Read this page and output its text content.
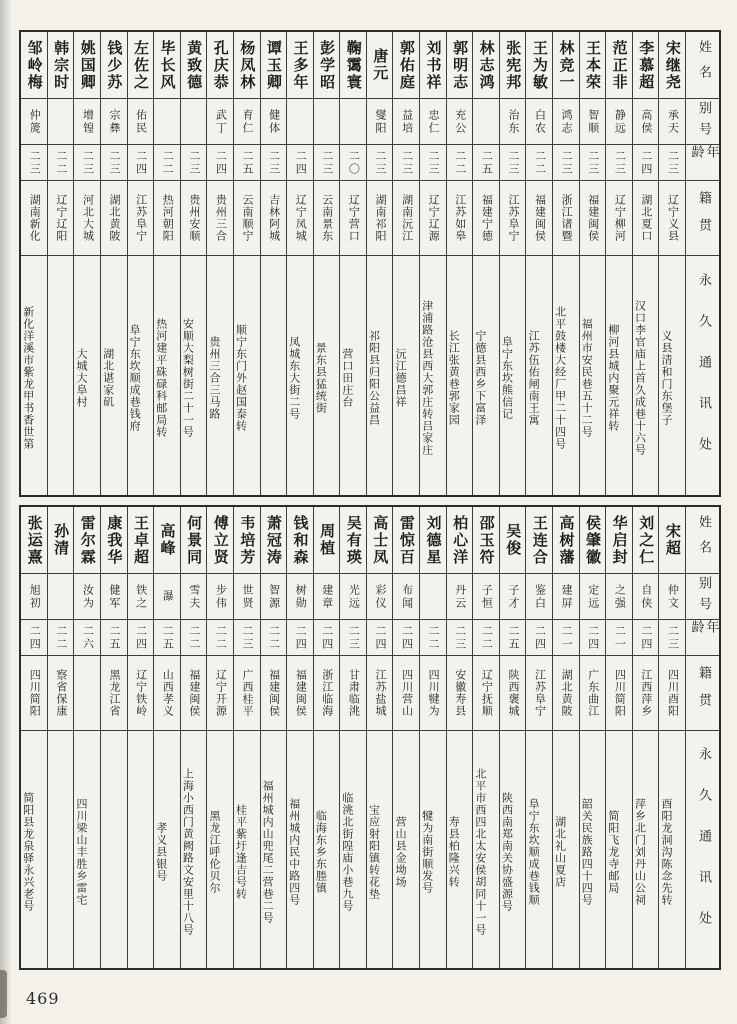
姓名
别号
年龄
籍贯
永久通讯处
宋继尧
承天
二三
辽宁义县
义县清和门东堡子
李慕超
高侯
二四
湖北夏口
汉口李官庙上首久成巷十六号
范正非
静远
二三
辽宁柳河
柳河县城内聚元祥转
王本荣
智顺
二三
福建闽侯
福州市安民巷五十二号
林竞一
鸿志
二三
浙江诸暨
北平鼓楼大经厂甲二十四号
王为敏
白农
二二
福建闽侯
江苏伍佑闸南王寓
张宪邦
治东
二三
江苏阜宁
阜宁东坎熊信记
林志鸿
二五
福建宁德
宁德县西乡下富泽
郭明志
充公
二二
江苏如皋
长江张黄巷郭家园
刘书祥
忠仁
二三
辽宁辽源
津浦路沧县西大郭庄转吕家庄
郭佑庭
益培
二三
湖南沅江
沅江德昌祥
唐元
燮阳
二三
湖南祁阳
祁阳县归阳公益昌
鞠霭寰
二〇
辽宁营口
营口田庄台
彭学昭
二三
云南景东
景东县猛统街
王多年
二四
辽宁凤城
凤城东大街二号
谭玉卿
健体
二三
吉林阿城
杨凤林
育仁
二五
云南顺宁
顺宁东门外赵国泰转
孔庆恭
武丁
二四
贵州三合
贵州三合三马路
黄致德
二三
贵州安顺
安顺大梨树街二十一号
毕长风
二二
热河朝阳
热河建平硃碌科邮局转
左佐之
佑民
二四
江苏阜宁
阜宁东坎顺成巷钱府
钱少苏
宗彝
二三
湖北黄陂
湖北谌家矶
姚国卿
增锽
二三
河北大城
大城大阜村
韩宗时
二二
辽宁辽阳
邹岭梅
仲箎
二三
湖南新化
新化洋溪市紫龙甲书香世第
姓名
别号
年龄
籍贯
永久通讯处
宋超
仲文
二三
四川酉阳
酉阳龙洞沟陈念先转
刘之仁
自侠
二四
江西萍乡
萍乡北门刘丹山公祠
华启封
之强
二一
四川简阳
简阳飞龙寺邮局
侯肇徽
定远
二四
广东曲江
韶关民族路四十四号
高树藩
建屏
二一
湖北黄陂
湖北礼山夏店
王连合
鉴白
二四
江苏阜宁
阜宁东坎顺成巷钱顺
吴俊
子才
二五
陕西褒城
陕西南郑南关协盛源号
邵玉符
子恒
二二
辽宁抚顺
北平市西四北太安侯胡同十一号
柏心洋
丹云
二三
安徽寿县
寿县柏隆兴转
刘德星
二二
四川犍为
犍为南街顺发号
雷惊百
布闻
二四
四川营山
营山县金坳场
高士凤
彩仪
二四
江苏盐城
宝应射阳镇转花垫
吴有瑛
光远
二三
甘肃临洮
临洮北街隍庙小巷九号
周植
建章
二四
浙江临海
临海东乡东塍镇
钱和森
树勋
二四
福建闽侯
福州城内民中路四号
萧冠涛
智源
二二
福建闽侯
福州城内山兜尾二营巷二号
韦培芳
世贤
二三
广西桂平
桂平紫圩逢吉号转
傅立贤
步伟
二二
辽宁开源
黑龙江呼伦贝尔
何景同
雪夫
二二
福建闽侯
上海小西门黄阙路文安里十八号
高峰
瀑
二五
山西孝义
孝义县银号
王卓超
铁之
二四
辽宁铁岭
康我华
健军
二五
黑龙江省
雷尔霖
汝为
二六
四川梁山丰胜乡雷宅
孙清
二二
察省保康
张运熹
旭初
二四
四川简阳
简阳县龙泉驿永兴老号
469
